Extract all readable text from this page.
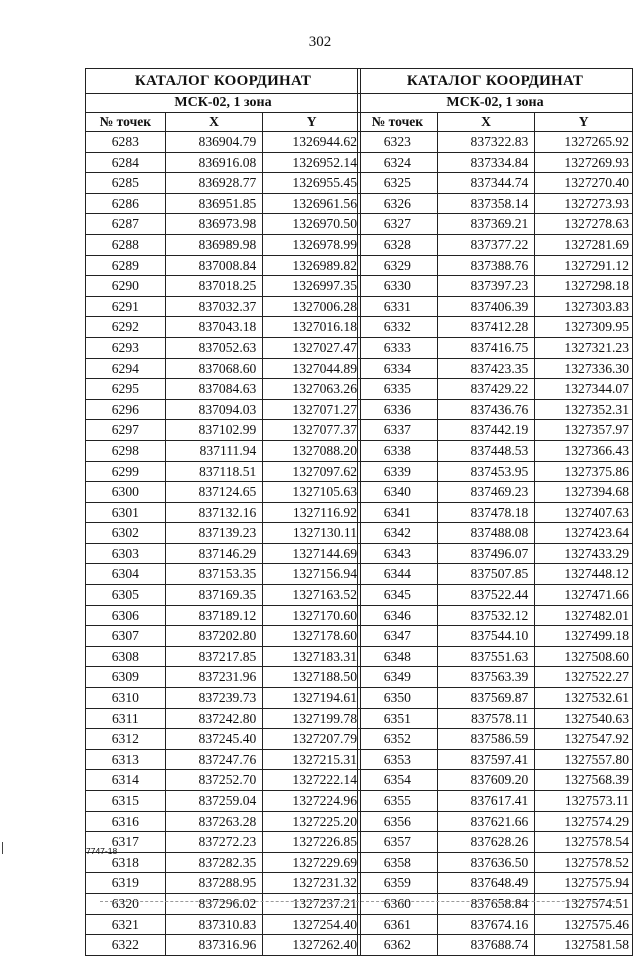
302
КАТАЛОГ КООРДИНАТ		
МСК-02, 1 зона		
№ точек	X	Y
6283	836904.79	1326944.62
6284	836916.08	1326952.14
6285	836928.77	1326955.45
6286	836951.85	1326961.56
6287	836973.98	1326970.50
6288	836989.98	1326978.99
6289	837008.84	1326989.82
6290	837018.25	1326997.35
6291	837032.37	1327006.28
6292	837043.18	1327016.18
6293	837052.63	1327027.47
6294	837068.60	1327044.89
6295	837084.63	1327063.26
6296	837094.03	1327071.27
6297	837102.99	1327077.37
6298	837111.94	1327088.20
6299	837118.51	1327097.62
6300	837124.65	1327105.63
6301	837132.16	1327116.92
6302	837139.23	1327130.11
6303	837146.29	1327144.69
6304	837153.35	1327156.94
6305	837169.35	1327163.52
6306	837189.12	1327170.60
6307	837202.80	1327178.60
6308	837217.85	1327183.31
6309	837231.96	1327188.50
6310	837239.73	1327194.61
6311	837242.80	1327199.78
6312	837245.40	1327207.79
6313	837247.76	1327215.31
6314	837252.70	1327222.14
6315	837259.04	1327224.96
6316	837263.28	1327225.20
6317	837272.23	1327226.85
6318	837282.35	1327229.69
6319	837288.95	1327231.32
6320	837296.02	1327237.21
6321	837310.83	1327254.40
6322	837316.96	1327262.40
КАТАЛОГ КООРДИНАТ		
МСК-02, 1 зона		
№ точек	X	Y
6323	837322.83	1327265.92
6324	837334.84	1327269.93
6325	837344.74	1327270.40
6326	837358.14	1327273.93
6327	837369.21	1327278.63
6328	837377.22	1327281.69
6329	837388.76	1327291.12
6330	837397.23	1327298.18
6331	837406.39	1327303.83
6332	837412.28	1327309.95
6333	837416.75	1327321.23
6334	837423.35	1327336.30
6335	837429.22	1327344.07
6336	837436.76	1327352.31
6337	837442.19	1327357.97
6338	837448.53	1327366.43
6339	837453.95	1327375.86
6340	837469.23	1327394.68
6341	837478.18	1327407.63
6342	837488.08	1327423.64
6343	837496.07	1327433.29
6344	837507.85	1327448.12
6345	837522.44	1327471.66
6346	837532.12	1327482.01
6347	837544.10	1327499.18
6348	837551.63	1327508.60
6349	837563.39	1327522.27
6350	837569.87	1327532.61
6351	837578.11	1327540.63
6352	837586.59	1327547.92
6353	837597.41	1327557.80
6354	837609.20	1327568.39
6355	837617.41	1327573.11
6356	837621.66	1327574.29
6357	837628.26	1327578.54
6358	837636.50	1327578.52
6359	837648.49	1327575.94
6360	837658.84	1327574.51
6361	837674.16	1327575.46
6362	837688.74	1327581.58
7747-18
